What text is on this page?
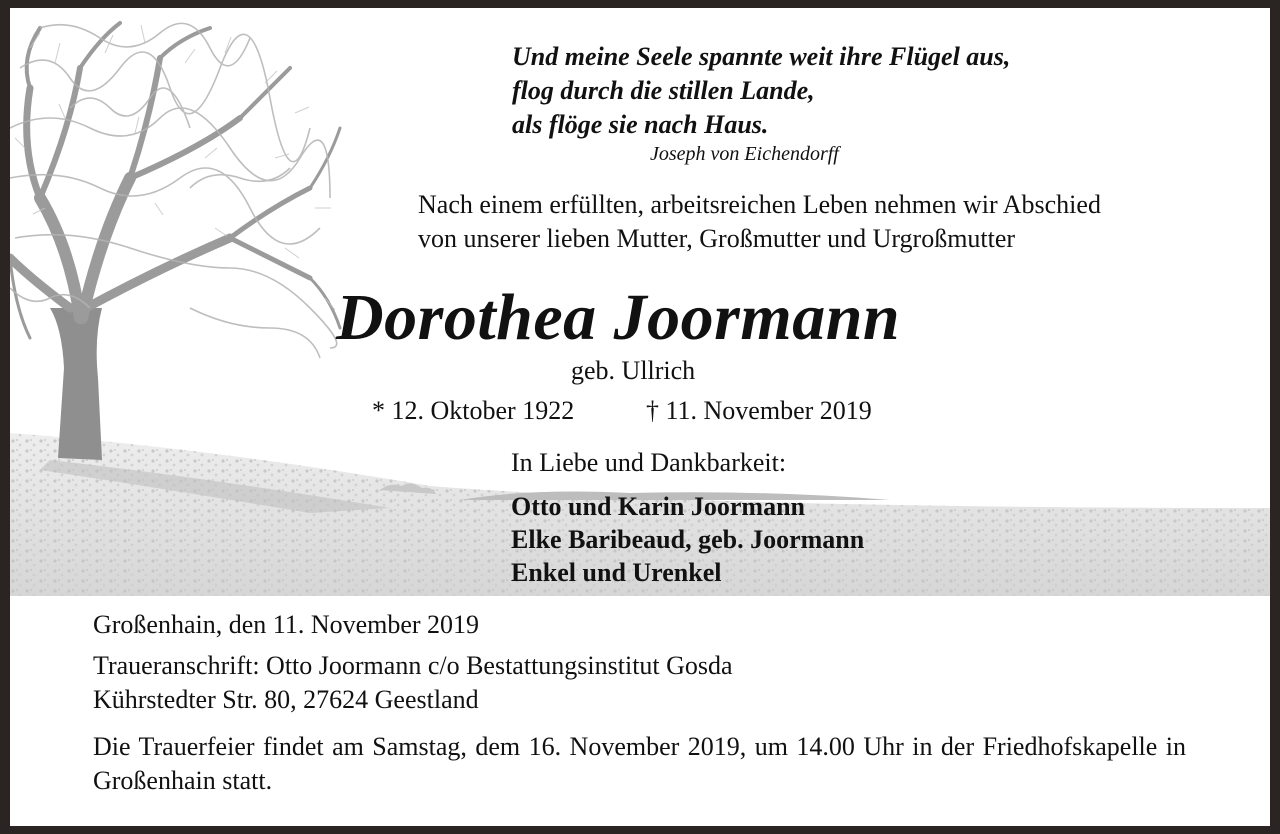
Und meine Seele spannte weit ihre Flügel aus,
flog durch die stillen Lande,
als flöge sie nach Haus.
Joseph von Eichendorff
Nach einem erfüllten, arbeitsreichen Leben nehmen wir Abschied
von unserer lieben Mutter, Großmutter und Urgroßmutter
Dorothea Joormann
geb. Ullrich
* 12. Oktober 1922	† 11. November 2019
In Liebe und Dankbarkeit:
Otto und Karin Joormann
Elke Baribeaud, geb. Joormann
Enkel und Urenkel
Großenhain, den 11. November 2019
Traueranschrift: Otto Joormann c/o Bestattungsinstitut Gosda
Kührstedter Str. 80, 27624 Geestland
Die Trauerfeier findet am Samstag, dem 16. November 2019, um 14.00 Uhr in der Friedhofskapelle in Großenhain statt.
